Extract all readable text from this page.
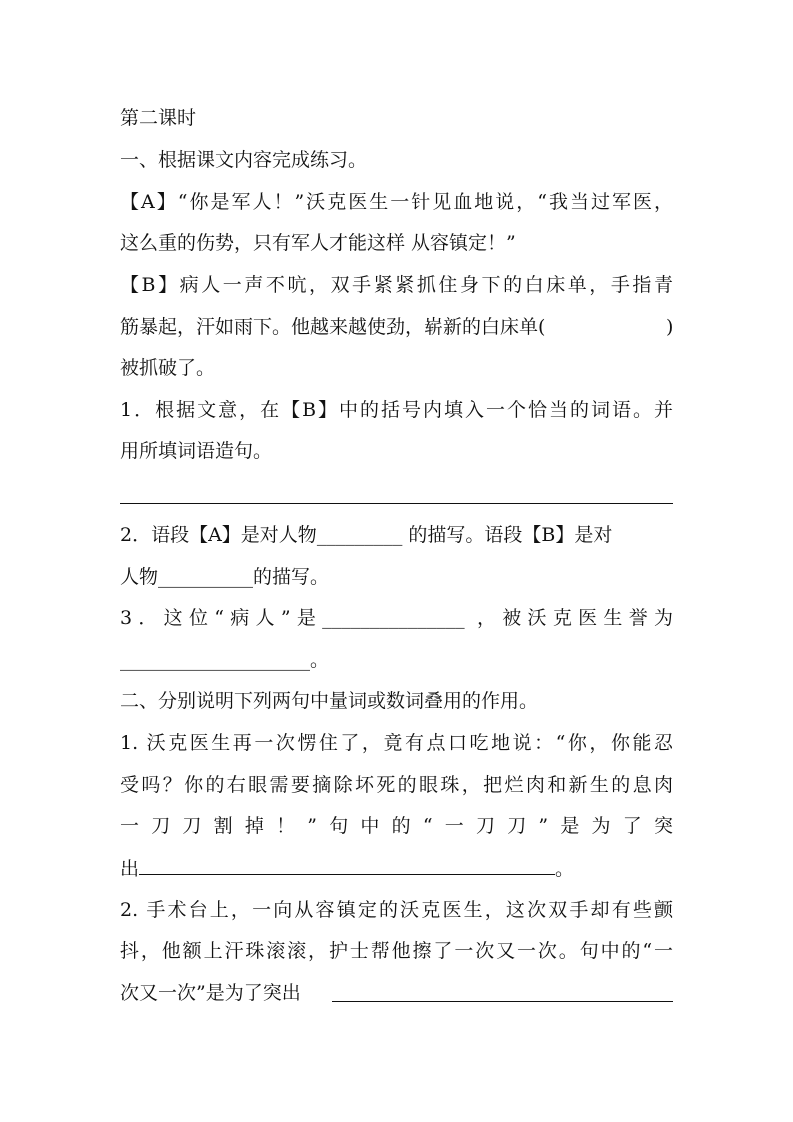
第二课时
一、根据课文内容完成练习。
【A】“你是军人！”沃克医生一针见血地说，“我当过军医，
这么重的伤势，只有军人才能这样 从容镇定！”
【B】病人一声不吭，双手紧紧抓住身下的白床单，手指青
筋暴起，汗如雨下。他越来越使劲，崭新的白床单(	)
被抓破了。
1．根据文意，在【B】中的括号内填入一个恰当的词语。并
用所填词语造句。
2．语段【A】是对人物_________ 的描写。语段【B】是对
人物__________的描写。
3．这位“病人”是_______________ ，被沃克医生誉为
____________________。
二、分别说明下列两句中量词或数词叠用的作用。
1. 沃克医生再一次愣住了，竟有点口吃地说：“你，你能忍
受吗？你的右眼需要摘除坏死的眼珠，把烂肉和新生的息肉
一刀刀割掉！”句中的“一刀刀”是为了突
出	。
2. 手术台上，一向从容镇定的沃克医生，这次双手却有些颤
抖，他额上汗珠滚滚，护士帮他擦了一次又一次。句中的“一
次又一次”是为了突出
